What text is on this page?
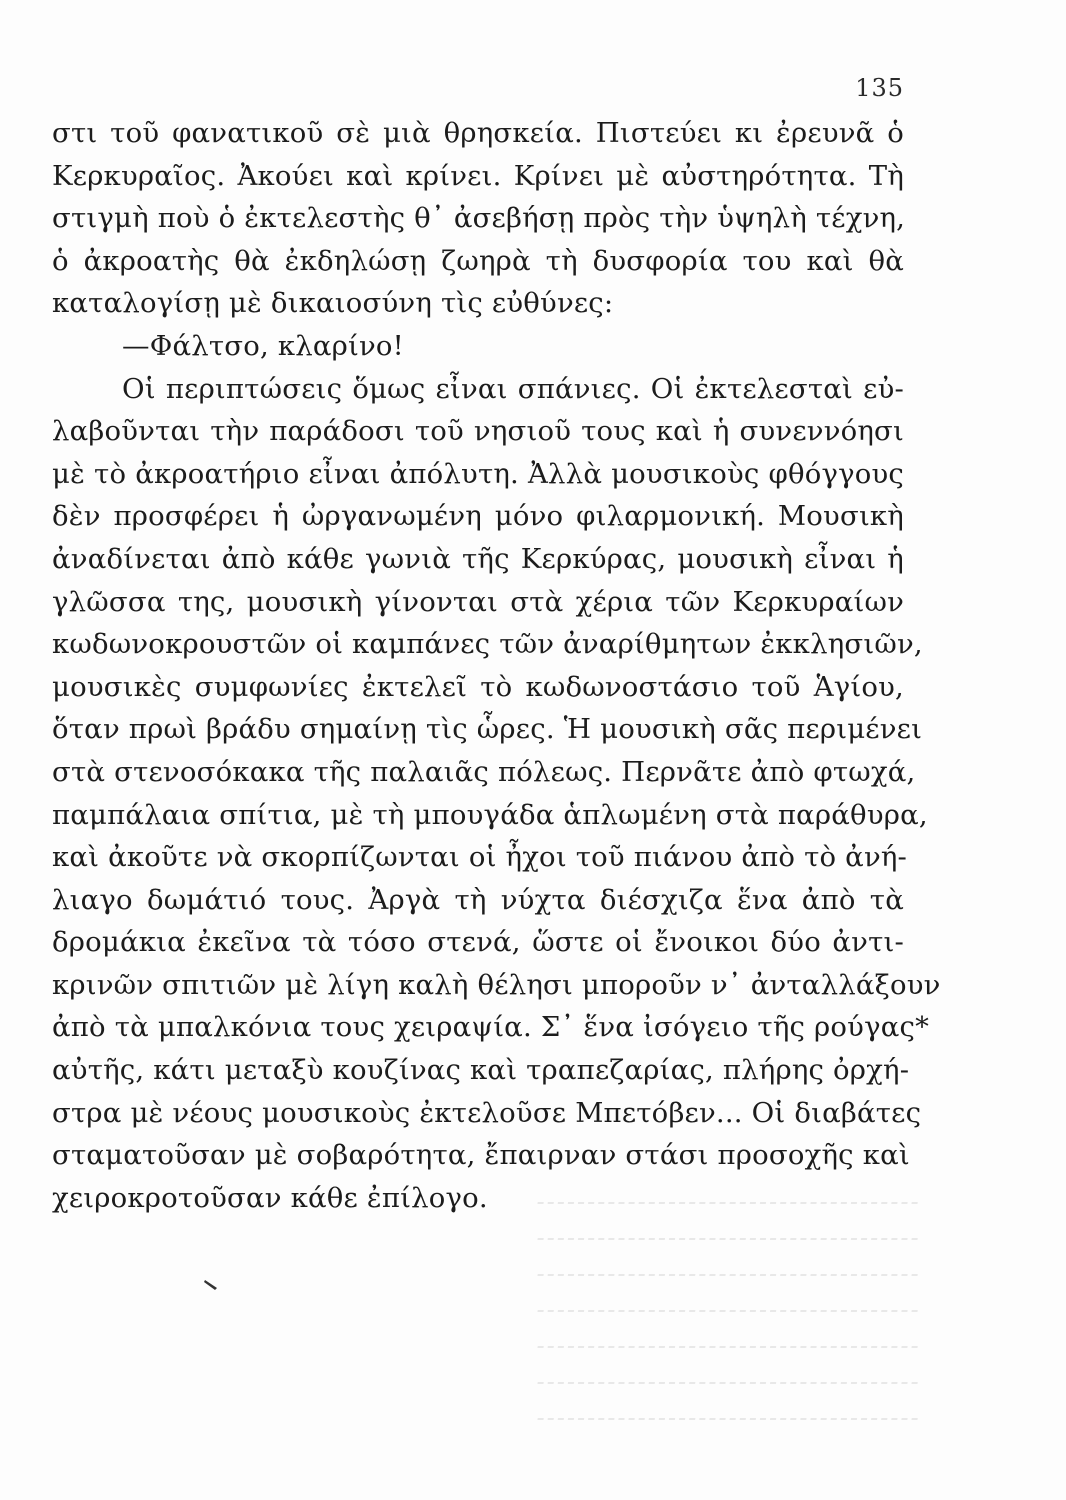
135
στι τοῦ φανατικοῦ σὲ μιὰ θρησκεία. Πιστεύει κι ἐρευνᾶ ὁ
Κερκυραῖος. Ἀκούει καὶ κρίνει. Κρίνει μὲ αὐστηρότητα. Τὴ
στιγμὴ ποὺ ὁ ἐκτελεστὴς θ᾽ ἀσεβήσῃ πρὸς τὴν ὑψηλὴ τέχνη,
ὁ ἀκροατὴς θὰ ἐκδηλώσῃ ζωηρὰ τὴ δυσφορία του καὶ θὰ
καταλογίσῃ μὲ δικαιοσύνη τὶς εὐθύνες:
—Φάλτσο, κλαρίνο!
Οἱ περιπτώσεις ὅμως εἶναι σπάνιες. Οἱ ἐκτελεσταὶ εὐ-
λαβοῦνται τὴν παράδοσι τοῦ νησιοῦ τους καὶ ἡ συνεννόησι
μὲ τὸ ἀκροατήριο εἶναι ἀπόλυτη. Ἀλλὰ μουσικοὺς φθόγγους
δὲν προσφέρει ἡ ὠργανωμένη μόνο φιλαρμονική. Μουσικὴ
ἀναδίνεται ἀπὸ κάθε γωνιὰ τῆς Κερκύρας, μουσικὴ εἶναι ἡ
γλῶσσα της, μουσικὴ γίνονται στὰ χέρια τῶν Κερκυραίων
κωδωνοκρουστῶν οἱ καμπάνες τῶν ἀναρίθμητων ἐκκλησιῶν,
μουσικὲς συμφωνίες ἐκτελεῖ τὸ κωδωνοστάσιο τοῦ Ἁγίου,
ὅταν πρωὶ βράδυ σημαίνῃ τὶς ὧρες. Ἡ μουσικὴ σᾶς περιμένει
στὰ στενοσόκακα τῆς παλαιᾶς πόλεως. Περνᾶτε ἀπὸ φτωχά,
παμπάλαια σπίτια, μὲ τὴ μπουγάδα ἁπλωμένη στὰ παράθυρα,
καὶ ἀκοῦτε νὰ σκορπίζωνται οἱ ἦχοι τοῦ πιάνου ἀπὸ τὸ ἀνή-
λιαγο δωμάτιό τους. Ἀργὰ τὴ νύχτα διέσχιζα ἕνα ἀπὸ τὰ
δρομάκια ἐκεῖνα τὰ τόσο στενά, ὥστε οἱ ἔνοικοι δύο ἀντι-
κρινῶν σπιτιῶν μὲ λίγη καλὴ θέλησι μποροῦν ν᾽ ἀνταλλάξουν
ἀπὸ τὰ μπαλκόνια τους χειραψία. Σ᾽ ἕνα ἰσόγειο τῆς ρούγας*
αὐτῆς, κάτι μεταξὺ κουζίνας καὶ τραπεζαρίας, πλήρης ὀρχή-
στρα μὲ νέους μουσικοὺς ἐκτελοῦσε Μπετόβεν... Οἱ διαβάτες
σταματοῦσαν μὲ σοβαρότητα, ἔπαιρναν στάσι προσοχῆς καὶ
χειροκροτοῦσαν κάθε ἐπίλογο.
